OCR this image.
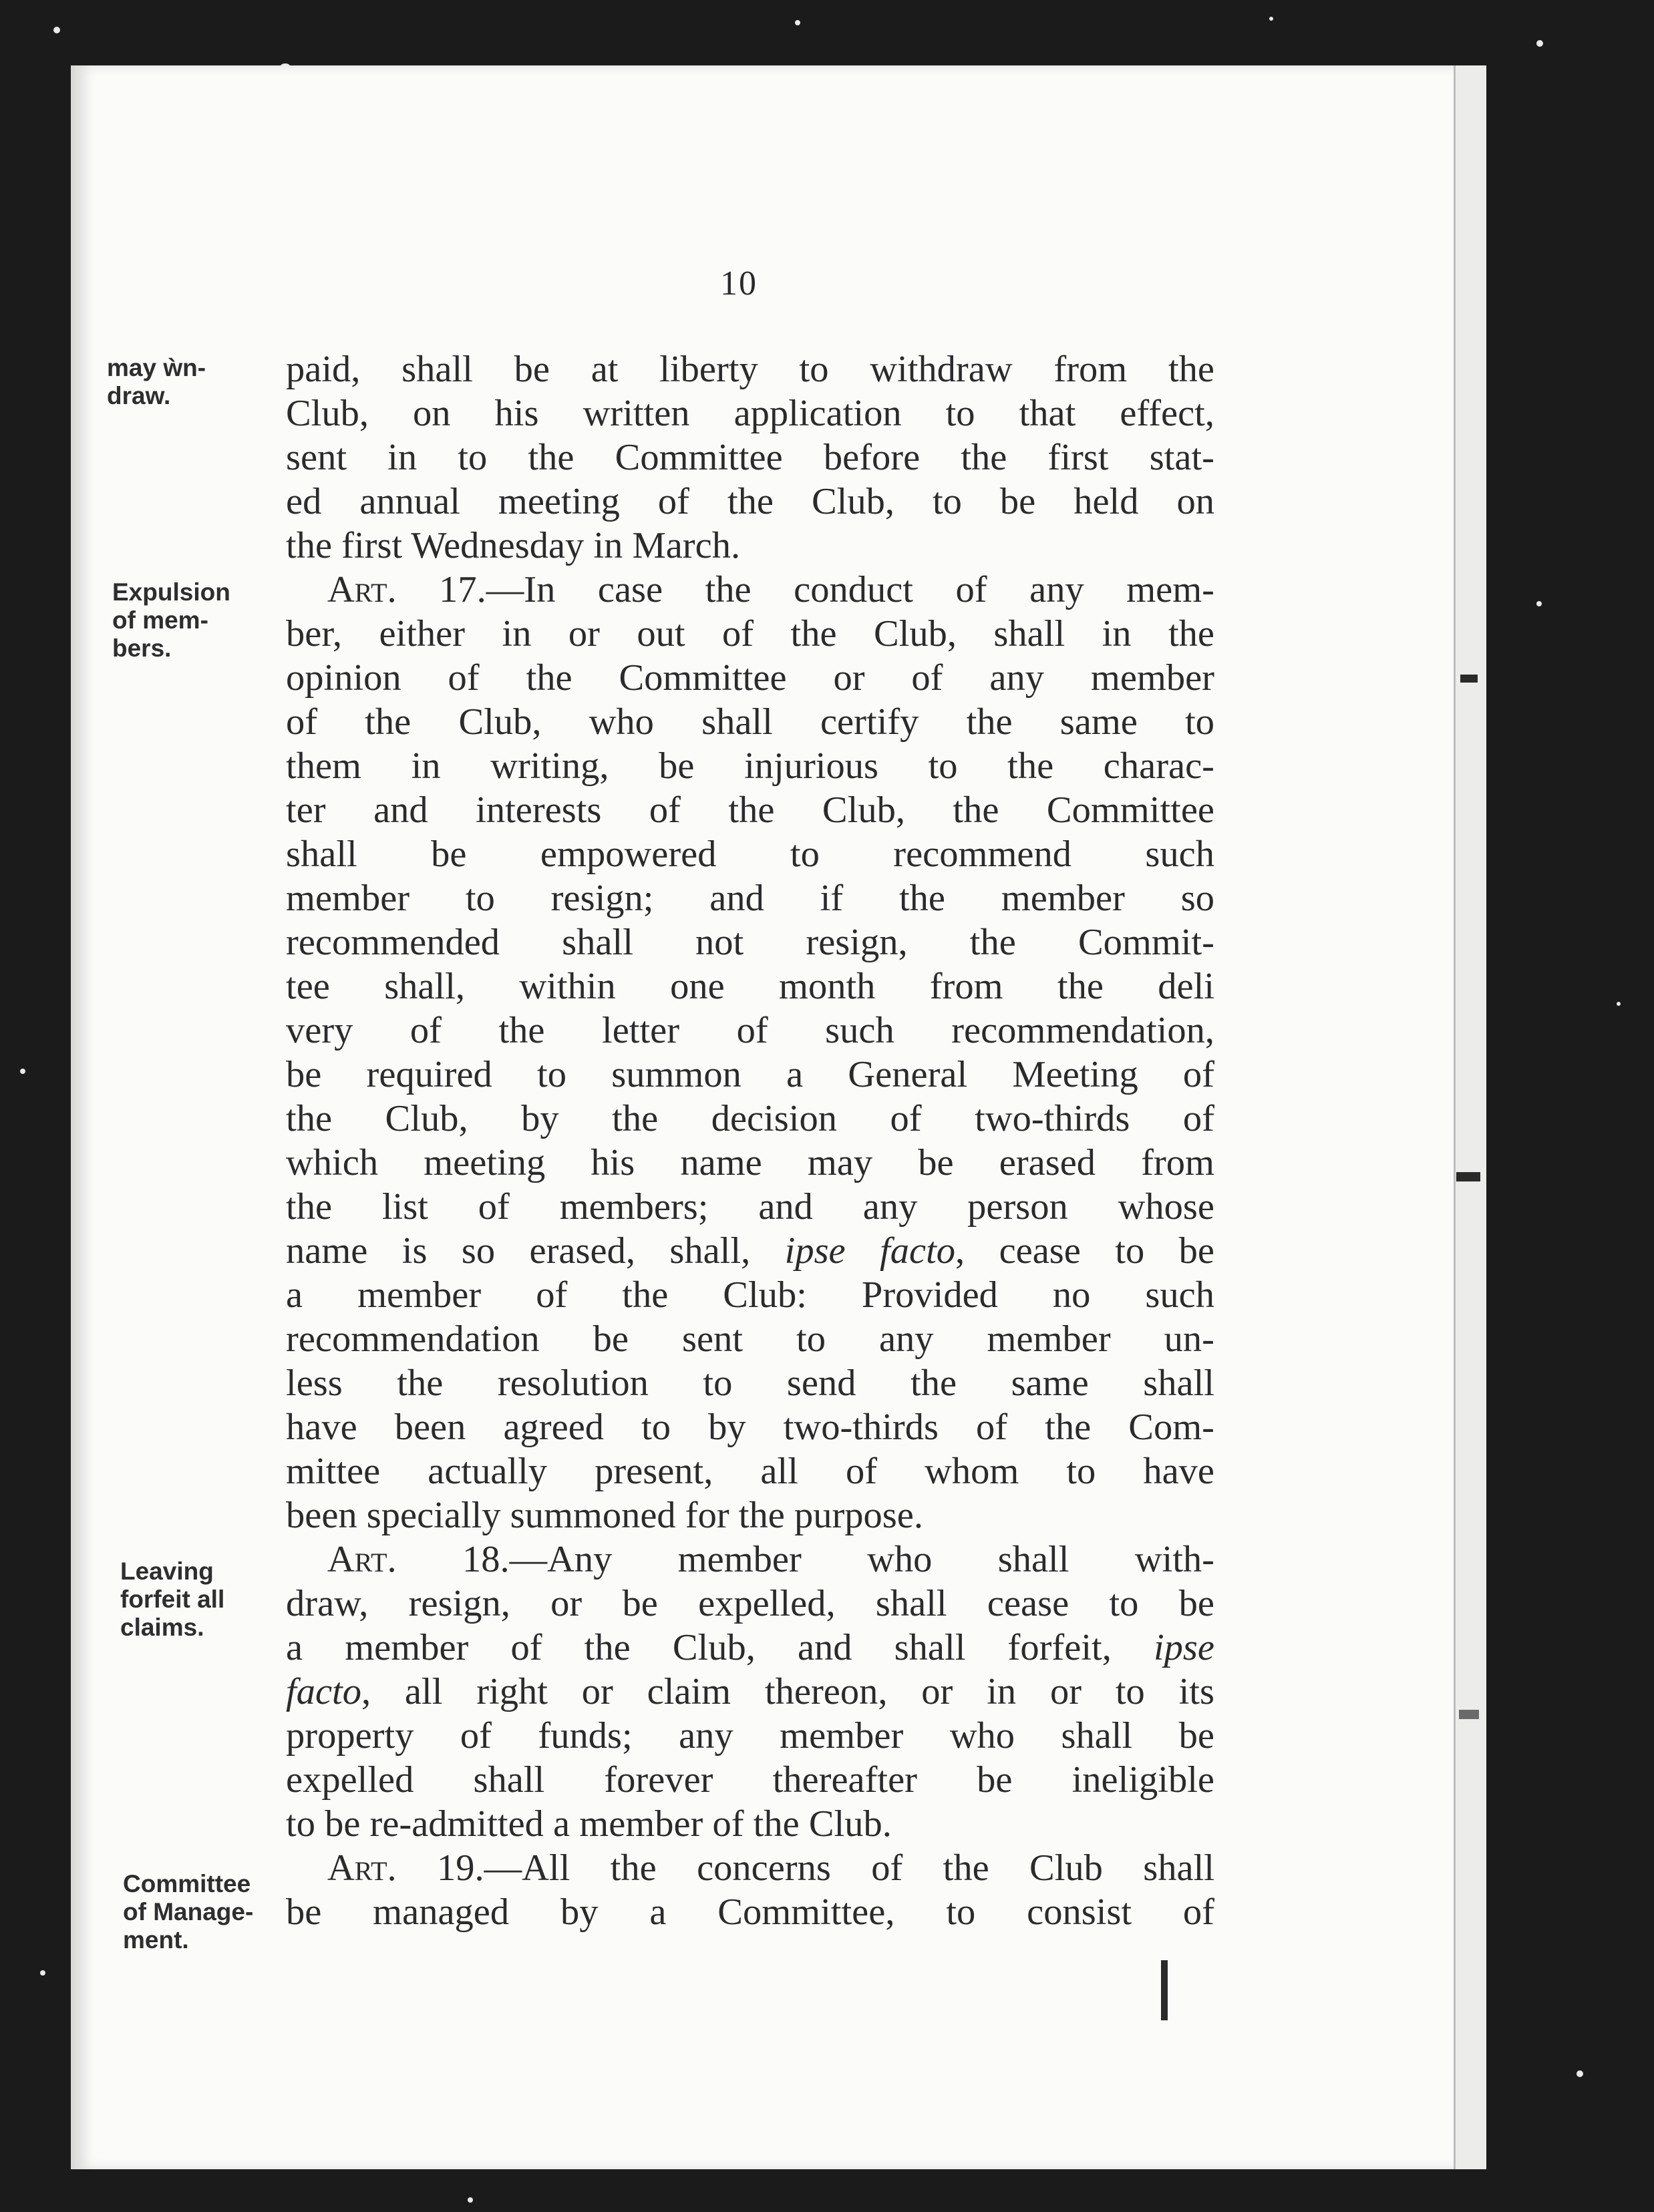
10
may ẁ​n-
draw.
Expulsion
of mem-
bers.
Leaving
forfeit all
claims.
Committee
of Manage-
ment.
paid, shall be at liberty to withdraw from the
Club, on his written application to that effect,
sent in to the Committee before the first stat-
ed annual meeting of the Club, to be held on
the first Wednesday in March.
Art. 17.—In case the conduct of any mem-
ber, either in or out of the Club, shall in the
opinion of the Committee or of any member
of the Club, who shall certify the same to
them in writing, be injurious to the charac-
ter and interests of the Club, the Committee
shall be empowered to recommend such
member to resign; and if the member so
recommended shall not resign, the Commit-
tee shall, within one month from the deli
very of the letter of such recommendation,
be required to summon a General Meeting of
the Club, by the decision of two-thirds of
which meeting his name may be erased from
the list of members; and any person whose
name is so erased, shall, ipse facto, cease to be
a member of the Club: Provided no such
recommendation be sent to any member un-
less the resolution to send the same shall
have been agreed to by two-thirds of the Com-
mittee actually present, all of whom to have
been specially summoned for the purpose.
Art. 18.—Any member who shall with-
draw, resign, or be expelled, shall cease to be
a member of the Club, and shall forfeit, ipse
facto, all right or claim thereon, or in or to its
property of funds; any member who shall be
expelled shall forever thereafter be ineligible
to be re-admitted a member of the Club.
Art. 19.—All the concerns of the Club shall
be managed by a Committee, to consist of
